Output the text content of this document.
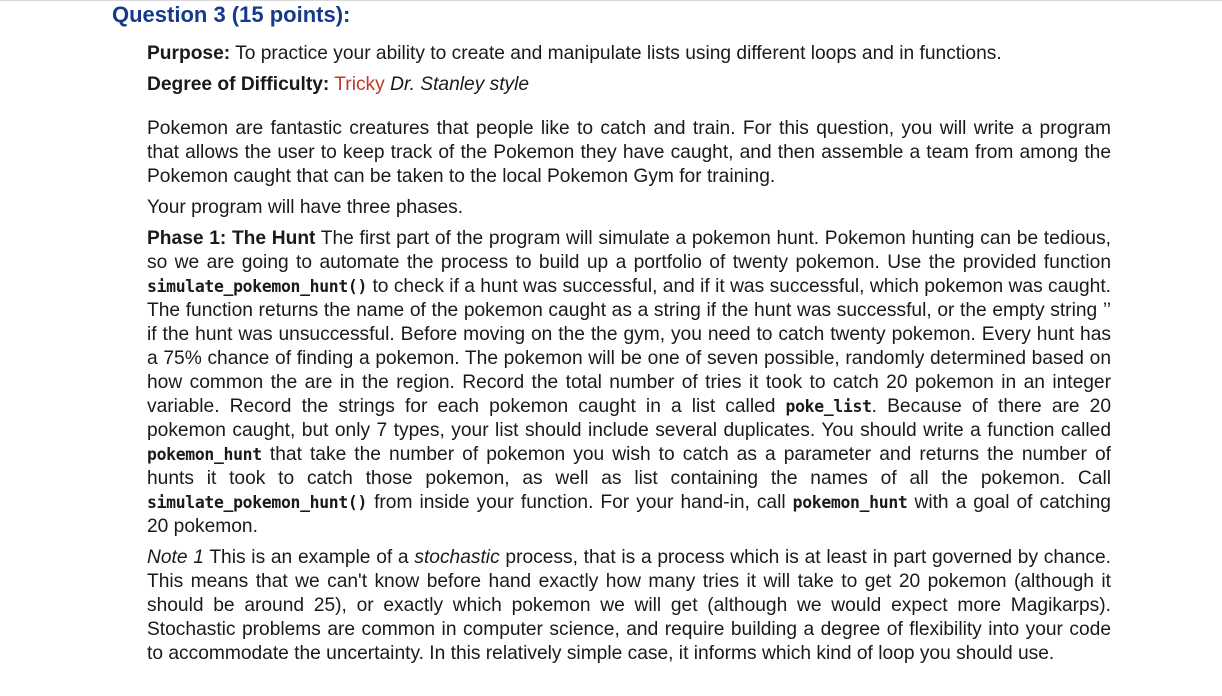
Question 3 (15 points):

Purpose: To practice your ability to create and manipulate lists using different loops and in functions.

Degree of Difficulty: Tricky Dr. Stanley style

Pokemon are fantastic creatures that people like to catch and train. For this question, you will write a program that allows the user to keep track of the Pokemon they have caught, and then assemble a team from among the Pokemon caught that can be taken to the local Pokemon Gym for training.

Your program will have three phases.

Phase 1: The Hunt The first part of the program will simulate a pokemon hunt. Pokemon hunting can be tedious, so we are going to automate the process to build up a portfolio of twenty pokemon. Use the provided function simulate_pokemon_hunt() to check if a hunt was successful, and if it was successful, which pokemon was caught. The function returns the name of the pokemon caught as a string if the hunt was successful, or the empty string ’’ if the hunt was unsuccessful. Before moving on the the gym, you need to catch twenty pokemon. Every hunt has a 75% chance of finding a pokemon. The pokemon will be one of seven possible, randomly determined based on how common the are in the region. Record the total number of tries it took to catch 20 pokemon in an integer variable. Record the strings for each pokemon caught in a list called poke_list. Because of there are 20 pokemon caught, but only 7 types, your list should include several duplicates. You should write a function called pokemon_hunt that take the number of pokemon you wish to catch as a parameter and returns the number of hunts it took to catch those pokemon, as well as list containing the names of all the pokemon. Call simulate_pokemon_hunt() from inside your function. For your hand-in, call pokemon_hunt with a goal of catching 20 pokemon.

Note 1 This is an example of a stochastic process, that is a process which is at least in part governed by chance. This means that we can't know before hand exactly how many tries it will take to get 20 pokemon (although it should be around 25), or exactly which pokemon we will get (although we would expect more Magikarps). Stochastic problems are common in computer science, and require building a degree of flexibility into your code to accommodate the uncertainty. In this relatively simple case, it informs which kind of loop you should use.
